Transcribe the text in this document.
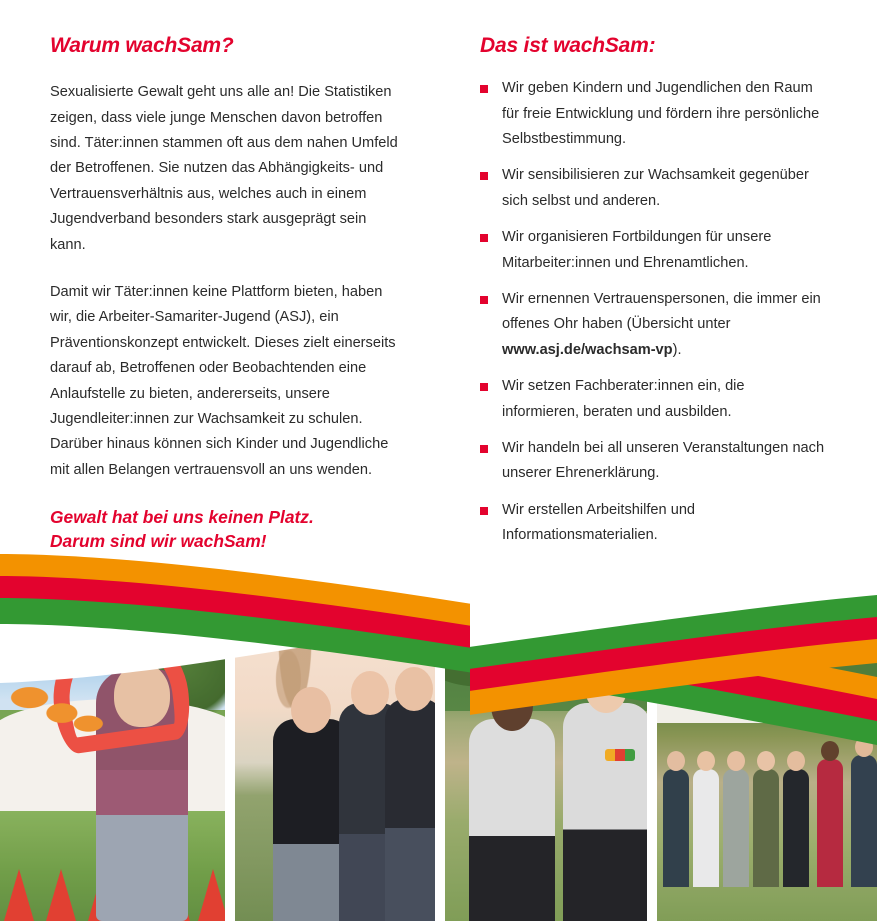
Warum wachSam?

Sexualisierte Gewalt geht uns alle an! Die Statistiken zeigen, dass viele junge Menschen davon betroffen sind. Täter:innen stammen oft aus dem nahen Umfeld der Betroffenen. Sie nutzen das Abhängigkeits- und Vertrauensverhältnis aus, welches auch in einem Jugendverband besonders stark ausgeprägt sein kann.

Damit wir Täter:innen keine Plattform bieten, haben wir, die Arbeiter-Samariter-Jugend (ASJ), ein Präventionskonzept entwickelt. Dieses zielt einerseits darauf ab, Betroffenen oder Beobachtenden eine Anlaufstelle zu bieten, andererseits, unsere Jugendleiter:innen zur Wachsamkeit zu schulen. Darüber hinaus können sich Kinder und Jugendliche mit allen Belangen vertrauensvoll an uns wenden.

Gewalt hat bei uns keinen Platz.
Darum sind wir wachSam!
Das ist wachSam:
Wir geben Kindern und Jugendlichen den Raum für freie Entwicklung und fördern ihre persönliche Selbstbestimmung.
Wir sensibilisieren zur Wachsamkeit gegenüber sich selbst und anderen.
Wir organisieren Fortbildungen für unsere Mitarbeiter:innen und Ehrenamtlichen.
Wir ernennen Vertrauenspersonen, die immer ein offenes Ohr haben (Übersicht unter www.asj.de/wachsam-vp).
Wir setzen Fachberater:innen ein, die informieren, beraten und ausbilden.
Wir handeln bei all unseren Veranstaltungen nach unserer Ehrenerklärung.
Wir erstellen Arbeitshilfen und Informationsmaterialien.
